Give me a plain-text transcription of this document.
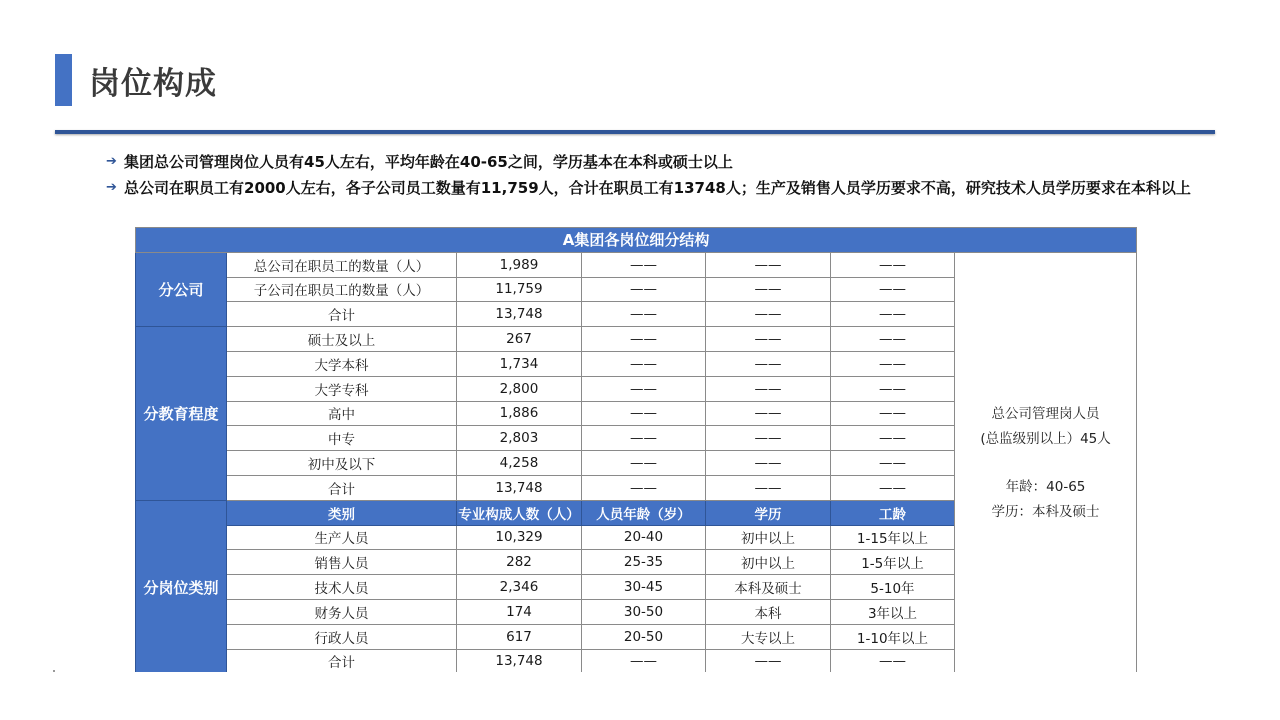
岗位构成
➔ 集团总公司管理岗位人员有45人左右，平均年龄在40-65之间，学历基本在本科或硕士以上
➔ 总公司在职员工有2000人左右，各子公司员工数量有11,759人，合计在职员工有13748人；生产及销售人员学历要求不高，研究技术人员学历要求在本科以上
A集团各岗位细分结构						
分公司	总公司在职员工的数量（人）	1,989	——	——	——	总公司管理岗人员
(总监级别以上）45人
年龄：40-65
学历：本科及硕士

	子公司在职员工的数量（人）	11,759	——	——	——	
	合计	13,748	——	——	——	
分教育程度	硕士及以上	267	——	——	——	
	大学本科	1,734	——	——	——	
	大学专科	2,800	——	——	——	
	高中	1,886	——	——	——	
	中专	2,803	——	——	——	
	初中及以下	4,258	——	——	——	
	合计	13,748	——	——	——	
分岗位类别	类别	专业构成人数（人）	人员年龄（岁）	学历	工龄	
	生产人员	10,329	20-40	初中以上	1-15年以上	
	销售人员	282	25-35	初中以上	1-5年以上	
	技术人员	2,346	30-45	本科及硕士	5-10年	
	财务人员	174	30-50	本科	3年以上	
	行政人员	617	20-50	大专以上	1-10年以上	
	合计	13,748	——	——	——	
